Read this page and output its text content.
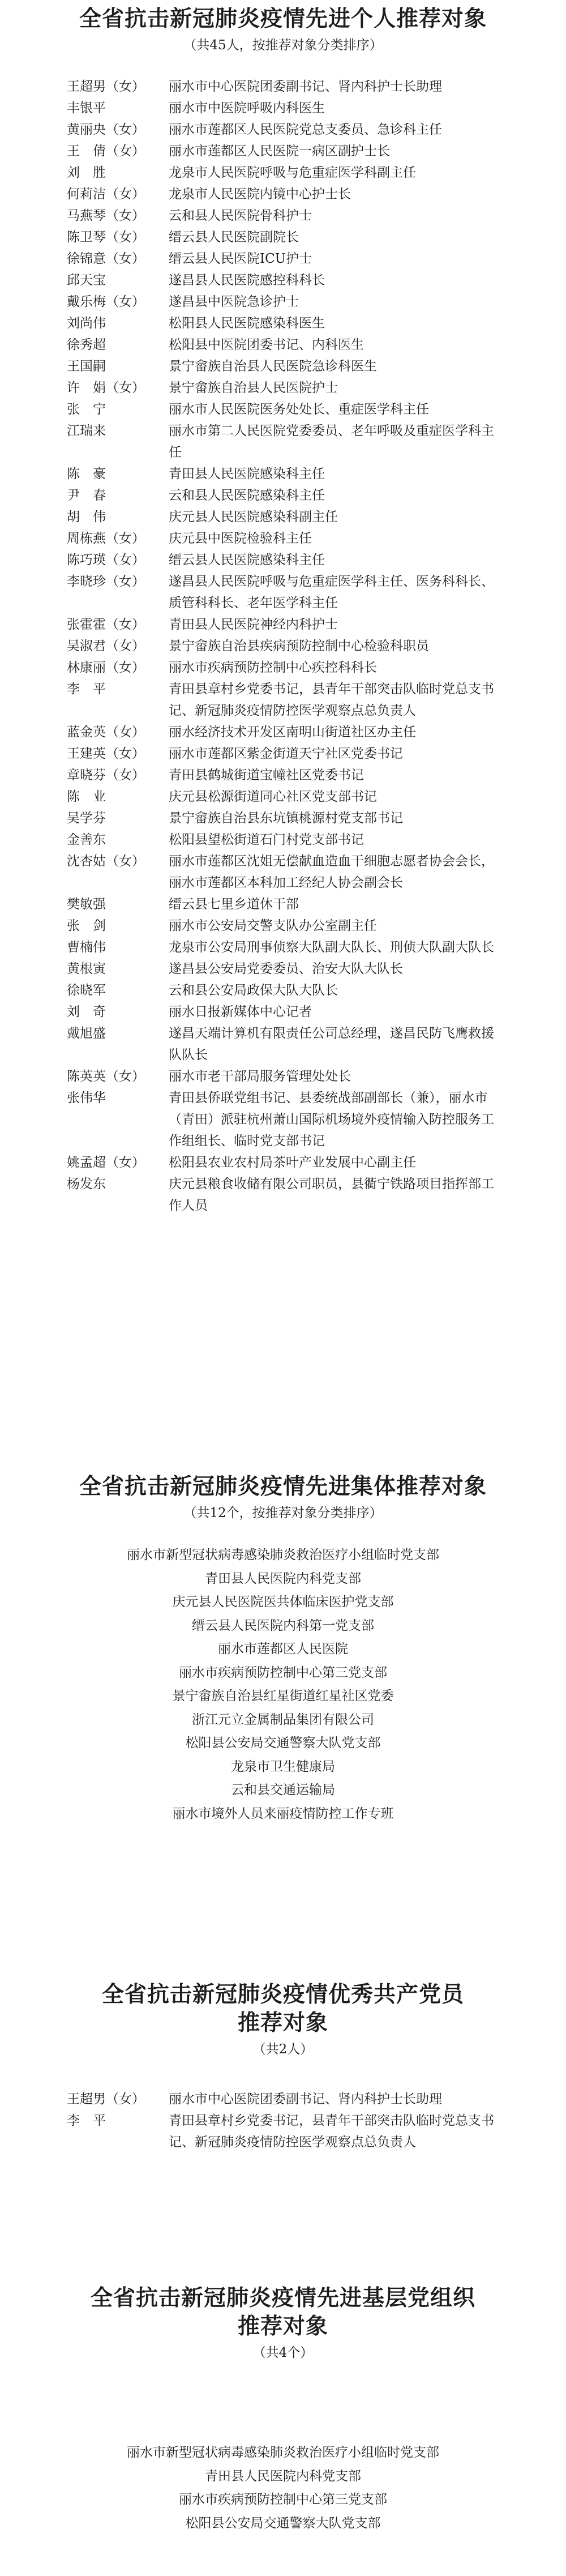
全省抗击新冠肺炎疫情先进个人推荐对象

（共45人，按推荐对象分类排序）

王超男（女）	丽水市中心医院团委副书记、肾内科护士长助理
丰银平	丽水市中医院呼吸内科医生
黄丽央（女）	丽水市莲都区人民医院党总支委员、急诊科主任
王　倩（女）	丽水市莲都区人民医院一病区副护士长
刘　胜	龙泉市人民医院呼吸与危重症医学科副主任
何莉洁（女）	龙泉市人民医院内镜中心护士长
马燕琴（女）	云和县人民医院骨科护士
陈卫琴（女）	缙云县人民医院副院长
徐锦意（女）	缙云县人民医院ICU护士
邱天宝	遂昌县人民医院感控科科长
戴乐梅（女）	遂昌县中医院急诊护士
刘尚伟	松阳县人民医院感染科医生
徐秀超	松阳县中医院团委书记、内科医生
王国嗣	景宁畲族自治县人民医院急诊科医生
许　娟（女）	景宁畲族自治县人民医院护士
张　宁	丽水市人民医院医务处处长、重症医学科主任
江瑞来	丽水市第二人民医院党委委员、老年呼吸及重症医学科主任
陈　豪	青田县人民医院感染科主任
尹　春	云和县人民医院感染科主任
胡　伟	庆元县人民医院感染科副主任
周栋燕（女）	庆元县中医院检验科主任
陈巧瑛（女）	缙云县人民医院感染科主任
李晓珍（女）	遂昌县人民医院呼吸与危重症医学科主任、医务科科长、质管科科长、老年医学科主任
张霍霍（女）	青田县人民医院神经内科护士
吴淑君（女）	景宁畲族自治县疾病预防控制中心检验科职员
林康丽（女）	丽水市疾病预防控制中心疾控科科长
李　平	青田县章村乡党委书记，县青年干部突击队临时党总支书记、新冠肺炎疫情防控医学观察点总负责人
蓝金英（女）	丽水经济技术开发区南明山街道社区办主任
王建英（女）	丽水市莲都区紫金街道天宁社区党委书记
章晓芬（女）	青田县鹤城街道宝幢社区党委书记
陈　业	庆元县松源街道同心社区党支部书记
吴学芬	景宁畲族自治县东坑镇桃源村党支部书记
金善东	松阳县望松街道石门村党支部书记
沈杏姑（女）	丽水市莲都区沈姐无偿献血造血干细胞志愿者协会会长，丽水市莲都区本科加工经纪人协会副会长
樊敏强	缙云县七里乡道休干部
张　剑	丽水市公安局交警支队办公室副主任
曹楠伟	龙泉市公安局刑事侦察大队副大队长、刑侦大队副大队长
黄根寅	遂昌县公安局党委委员、治安大队大队长
徐晓军	云和县公安局政保大队大队长
刘　奇	丽水日报新媒体中心记者
戴旭盛	遂昌天端计算机有限责任公司总经理，遂昌民防飞鹰救援队队长
陈英英（女）	丽水市老干部局服务管理处处长
张伟华	青田县侨联党组书记、县委统战部副部长（兼），丽水市（青田）派驻杭州萧山国际机场境外疫情输入防控服务工作组组长、临时党支部书记
姚孟超（女）	松阳县农业农村局茶叶产业发展中心副主任
杨发东	庆元县粮食收储有限公司职员，县衢宁铁路项目指挥部工作人员
全省抗击新冠肺炎疫情先进集体推荐对象

（共12个，按推荐对象分类排序）

丽水市新型冠状病毒感染肺炎救治医疗小组临时党支部
青田县人民医院内科党支部
庆元县人民医院医共体临床医护党支部
缙云县人民医院内科第一党支部
丽水市莲都区人民医院
丽水市疾病预防控制中心第三党支部
景宁畲族自治县红星街道红星社区党委
浙江元立金属制品集团有限公司
松阳县公安局交通警察大队党支部
龙泉市卫生健康局
云和县交通运输局
丽水市境外人员来丽疫情防控工作专班
全省抗击新冠肺炎疫情优秀共产党员
推荐对象

（共2人）

王超男（女）	丽水市中心医院团委副书记、肾内科护士长助理
李　平	青田县章村乡党委书记，县青年干部突击队临时党总支书记、新冠肺炎疫情防控医学观察点总负责人
全省抗击新冠肺炎疫情先进基层党组织
推荐对象

（共4个）

丽水市新型冠状病毒感染肺炎救治医疗小组临时党支部
青田县人民医院内科党支部
丽水市疾病预防控制中心第三党支部
松阳县公安局交通警察大队党支部
